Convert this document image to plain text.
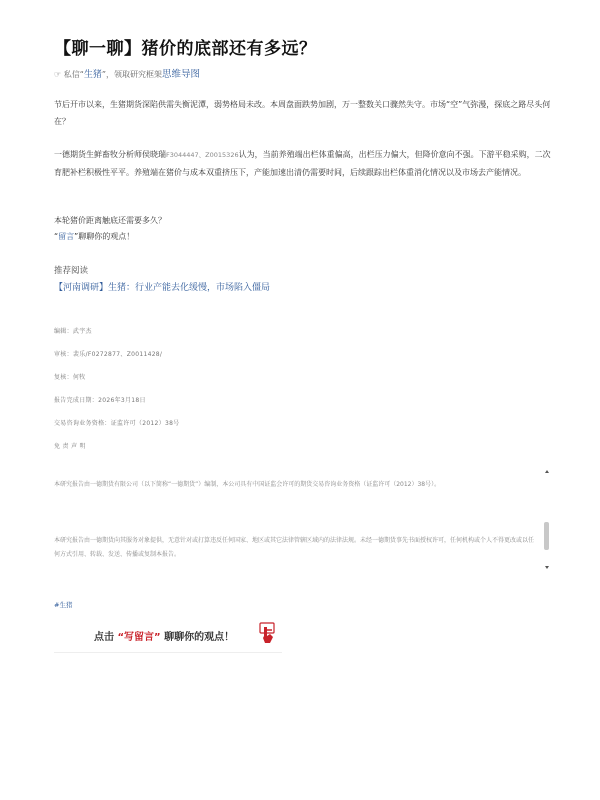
【聊一聊】猪价的底部还有多远？
☞ 私信“生猪”，领取研究框架思维导图
节后开市以来，生猪期货深陷供需失衡泥潭，弱势格局未改。本周盘面跌势加剧，万一整数关口骤然失守。市场“空”气弥漫，探底之路尽头何在？
一德期货生鲜畜牧分析师侯晓瑞F3044447、Z0015326认为，当前养殖端出栏体重偏高，出栏压力偏大，但降价意向不强。下游平稳采购，二次育肥补栏积极性平平。养殖端在猪价与成本双重挤压下，产能加速出清仍需要时间，后续跟踪出栏体重消化情况以及市场去产能情况。
本轮猪价距离触底还需要多久？
“留言”聊聊你的观点！
推荐阅读
【河南调研】生猪：行业产能去化缓慢，市场陷入僵局
编辑：武宇杰
审核：裴乐/F0272877、Z0011428/
复核：何牧
报告完成日期：2026年3月18日
交易咨询业务资格：证监许可（2012）38号
免 责 声 明

本研究报告由一德期货有限公司（以下简称“一德期货”）编制，本公司具有中国证监会许可的期货交易咨询业务资格（证监许可（2012）38号）。

本研究报告由一德期货向其服务对象提供，无意针对或打算违反任何国家、地区或其它法律管辖区域内的法律法规。未经一德期货事先书面授权许可，任何机构或个人不得更改或以任何方式引用、转载、发送、传播或复制本报告。

#生猪
点击 “写留言” 聊聊你的观点！
